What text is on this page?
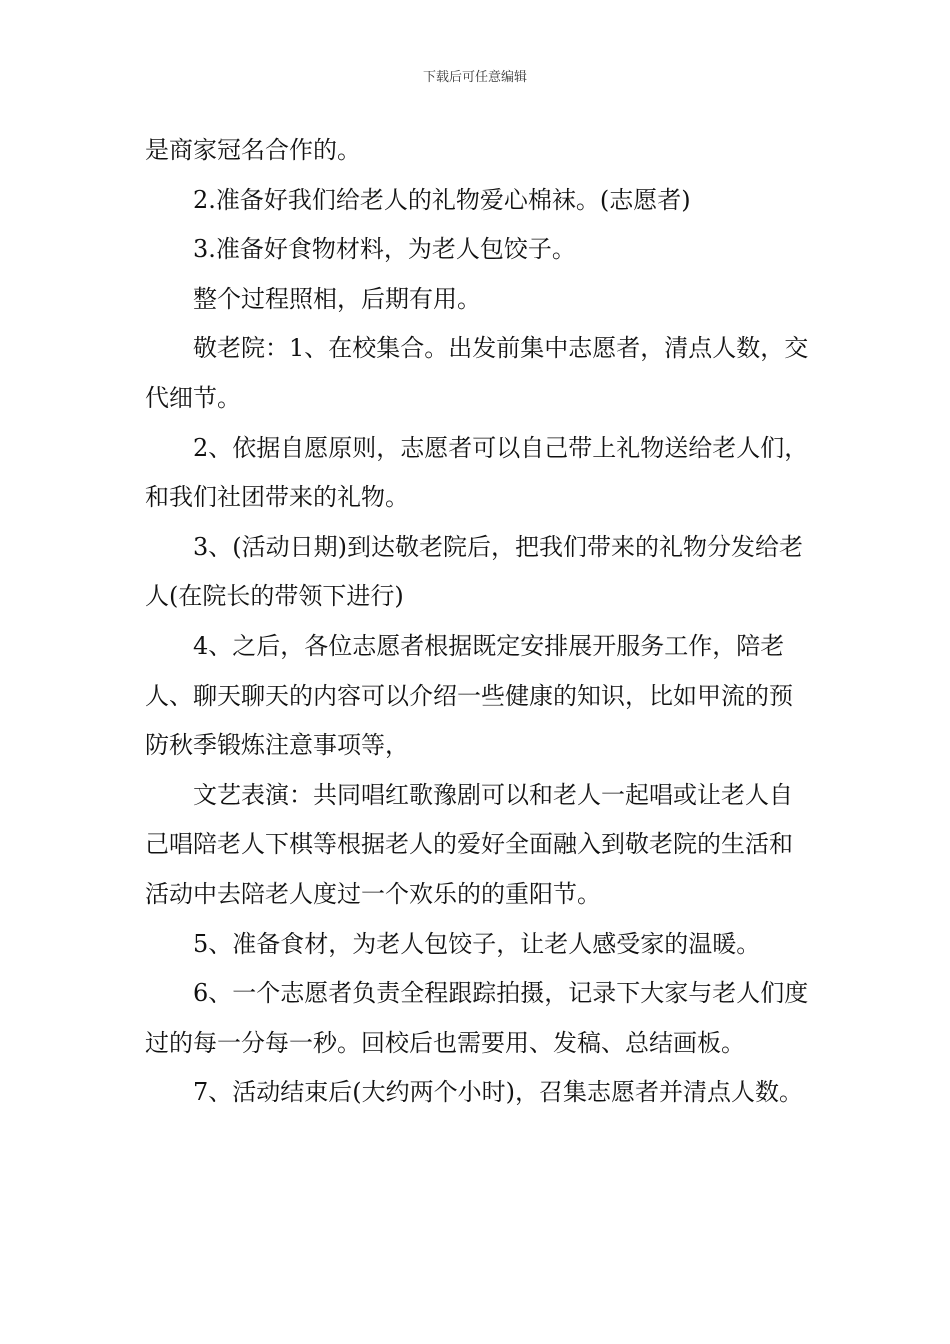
下载后可任意编辑

是商家冠名合作的。

2.准备好我们给老人的礼物爱心棉袜。(志愿者)

3.准备好食物材料，为老人包饺子。

整个过程照相，后期有用。

敬老院：1、在校集合。出发前集中志愿者，清点人数，交代细节。

2、依据自愿原则，志愿者可以自己带上礼物送给老人们，和我们社团带来的礼物。

3、(活动日期)到达敬老院后，把我们带来的礼物分发给老人(在院长的带领下进行)

4、之后，各位志愿者根据既定安排展开服务工作，陪老人、聊天聊天的内容可以介绍一些健康的知识，比如甲流的预防秋季锻炼注意事项等，

文艺表演：共同唱红歌豫剧可以和老人一起唱或让老人自己唱陪老人下棋等根据老人的爱好全面融入到敬老院的生活和活动中去陪老人度过一个欢乐的的重阳节。

5、准备食材，为老人包饺子，让老人感受家的温暖。

6、一个志愿者负责全程跟踪拍摄，记录下大家与老人们度过的每一分每一秒。回校后也需要用、发稿、总结画板。

7、活动结束后(大约两个小时)，召集志愿者并清点人数。
